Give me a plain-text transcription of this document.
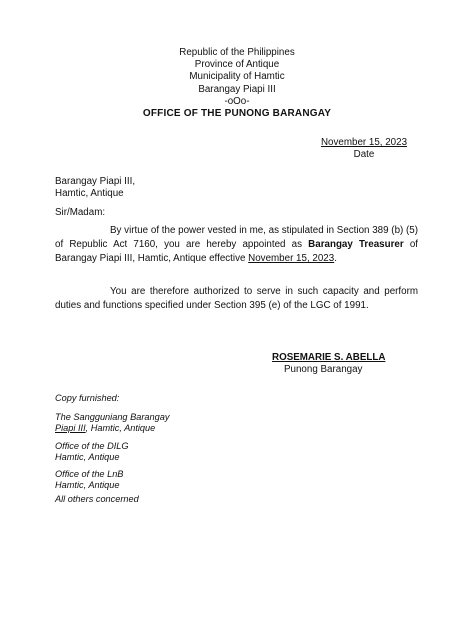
Republic of the Philippines
Province of Antique
Municipality of Hamtic
Barangay Piapi III
-oOo-
OFFICE OF THE PUNONG BARANGAY
November 15, 2023
Date
Barangay Piapi III,
Hamtic, Antique
Sir/Madam:
By virtue of the power vested in me, as stipulated in Section 389 (b) (5) of Republic Act 7160, you are hereby appointed as Barangay Treasurer of Barangay Piapi III, Hamtic, Antique effective November 15, 2023.
You are therefore authorized to serve in such capacity and perform duties and functions specified under Section 395 (e) of the LGC of 1991.
ROSEMARIE S. ABELLA
Punong Barangay
Copy furnished:
The Sangguniang Barangay
Piapi III, Hamtic, Antique
Office of the DILG
Hamtic, Antique
Office of the LnB
Hamtic, Antique
All others concerned
